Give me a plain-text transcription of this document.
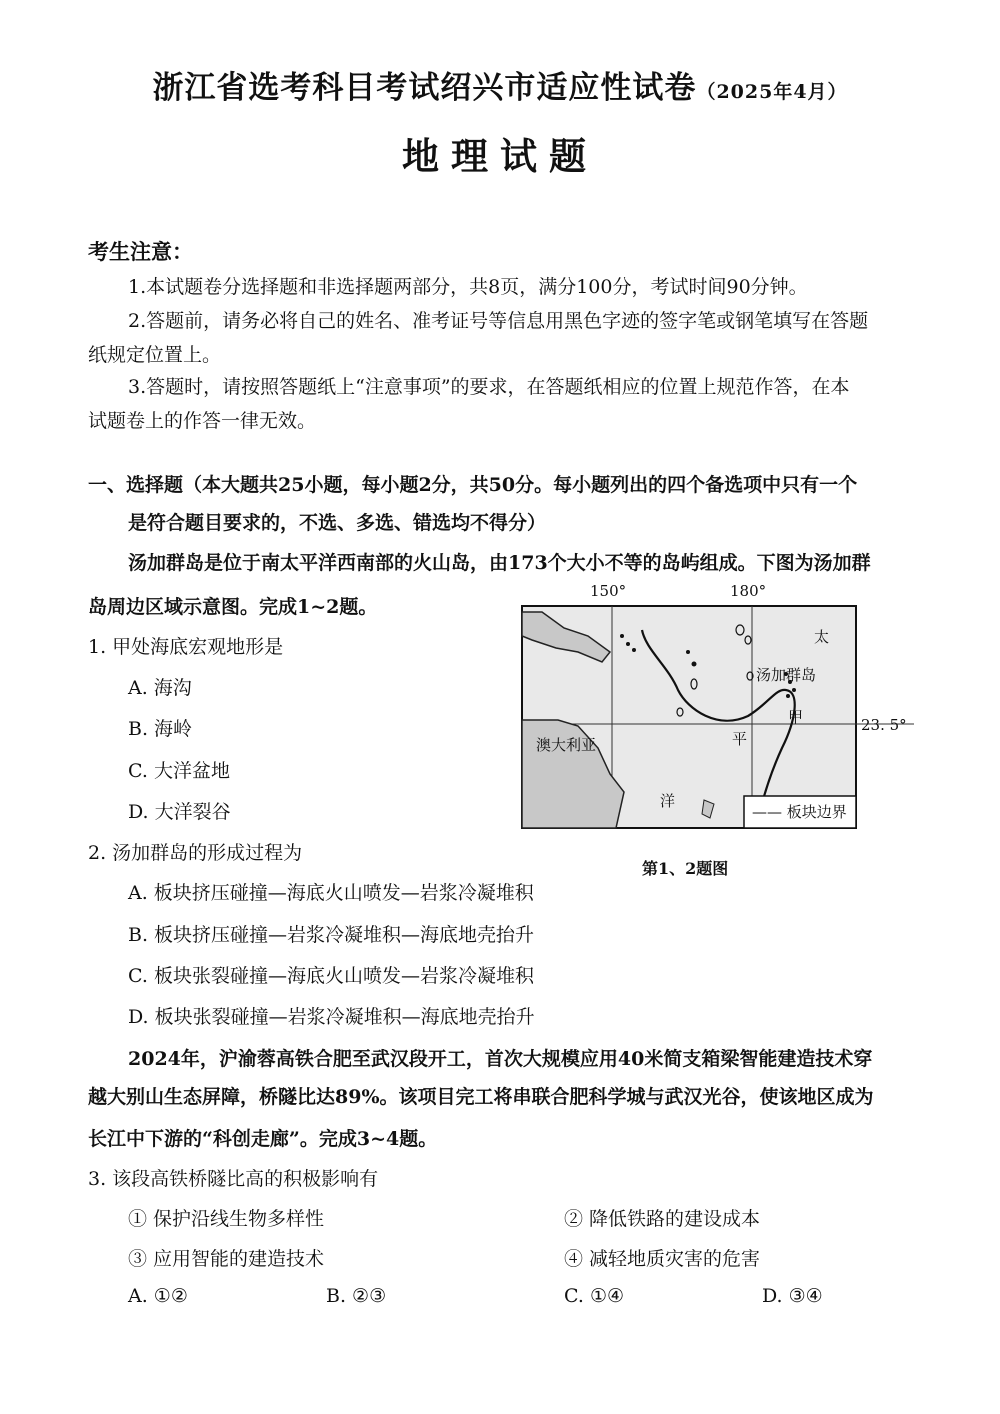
浙江省选考科目考试绍兴市适应性试卷（2025年4月）
地理试题
考生注意：
1.本试题卷分选择题和非选择题两部分，共8页，满分100分，考试时间90分钟。
2.答题前，请务必将自己的姓名、准考证号等信息用黑色字迹的签字笔或钢笔填写在答题
纸规定位置上。
3.答题时，请按照答题纸上“注意事项”的要求，在答题纸相应的位置上规范作答，在本
试题卷上的作答一律无效。
一、选择题（本大题共25小题，每小题2分，共50分。每小题列出的四个备选项中只有一个
是符合题目要求的，不选、多选、错选均不得分）
汤加群岛是位于南太平洋西南部的火山岛，由173个大小不等的岛屿组成。下图为汤加群
岛周边区域示意图。完成1~2题。
1. 甲处海底宏观地形是
A. 海沟
B. 海岭
C. 大洋盆地
D. 大洋裂谷
2. 汤加群岛的形成过程为
A. 板块挤压碰撞—海底火山喷发—岩浆冷凝堆积
B. 板块挤压碰撞—岩浆冷凝堆积—海底地壳抬升
C. 板块张裂碰撞—海底火山喷发—岩浆冷凝堆积
D. 板块张裂碰撞—岩浆冷凝堆积—海底地壳抬升
150°	180°
太
汤加群岛
甲
澳大利亚	平
洋
23. 5°
—— 板块边界
第1、2题图
2024年，沪渝蓉高铁合肥至武汉段开工，首次大规模应用40米简支箱梁智能建造技术穿
越大别山生态屏障，桥隧比达89%。该项目完工将串联合肥科学城与武汉光谷，使该地区成为
长江中下游的“科创走廊”。完成3~4题。
3. 该段高铁桥隧比高的积极影响有
① 保护沿线生物多样性	② 降低铁路的建设成本
③ 应用智能的建造技术	④ 减轻地质灾害的危害
A. ①②	B. ②③	C. ①④	D. ③④
